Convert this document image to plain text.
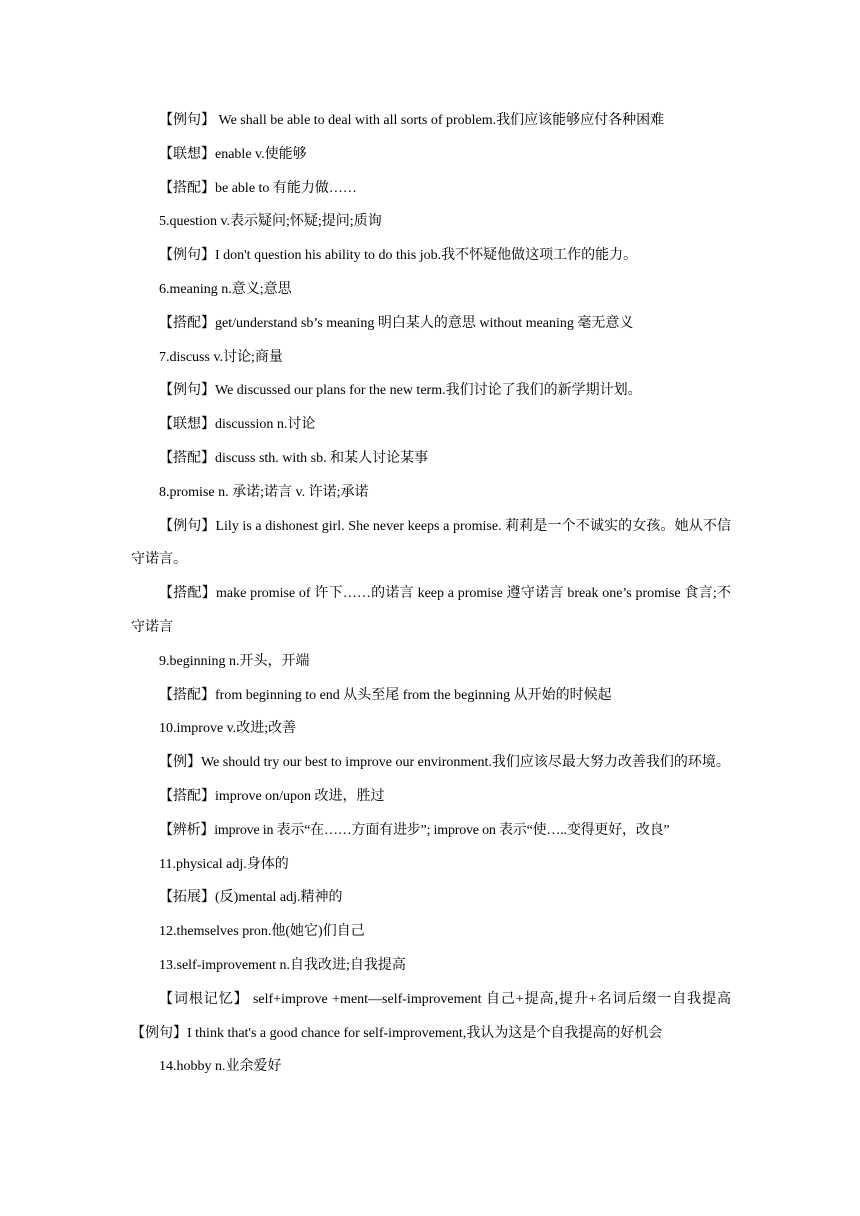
【例句】 We shall be able to deal with all sorts of problem.我们应该能够应付各种困难

【联想】enable v.使能够

【搭配】be able to 有能力做……

5.question v.表示疑问;怀疑;提问;质询

【例句】I don't question his ability to do this job.我不怀疑他做这项工作的能力。

6.meaning n.意义;意思

【搭配】get/understand sb’s meaning 明白某人的意思 without meaning 毫无意义

7.discuss v.讨论;商量

【例句】We discussed our plans for the new term.我们讨论了我们的新学期计划。

【联想】discussion n.讨论

【搭配】discuss sth. with sb. 和某人讨论某事

8.promise n. 承诺;诺言 v. 许诺;承诺

【例句】Lily is a dishonest girl. She never keeps a promise. 莉莉是一个不诚实的女孩。她从不信守诺言。

【搭配】make promise of 许下……的诺言 keep a promise 遵守诺言 break one’s promise 食言;不守诺言

9.beginning n.开头，开端

【搭配】from beginning to end 从头至尾 from the beginning 从开始的时候起

10.improve v.改进;改善

【例】We should try our best to improve our environment.我们应该尽最大努力改善我们的环境。

【搭配】improve on/upon 改进，胜过

【辨析】improve in 表示“在……方面有进步”; improve on 表示“使…..变得更好，改良”

11.physical adj.身体的

【拓展】(反)mental adj.精神的

12.themselves pron.他(她它)们自己

13.self-improvement n.自我改进;自我提高

【词根记忆】 self+improve +ment—self-improvement 自己+提高,提升+名词后缀一自我提高【例句】I think that's a good chance for self-improvement,我认为这是个自我提高的好机会

14.hobby n.业余爱好
